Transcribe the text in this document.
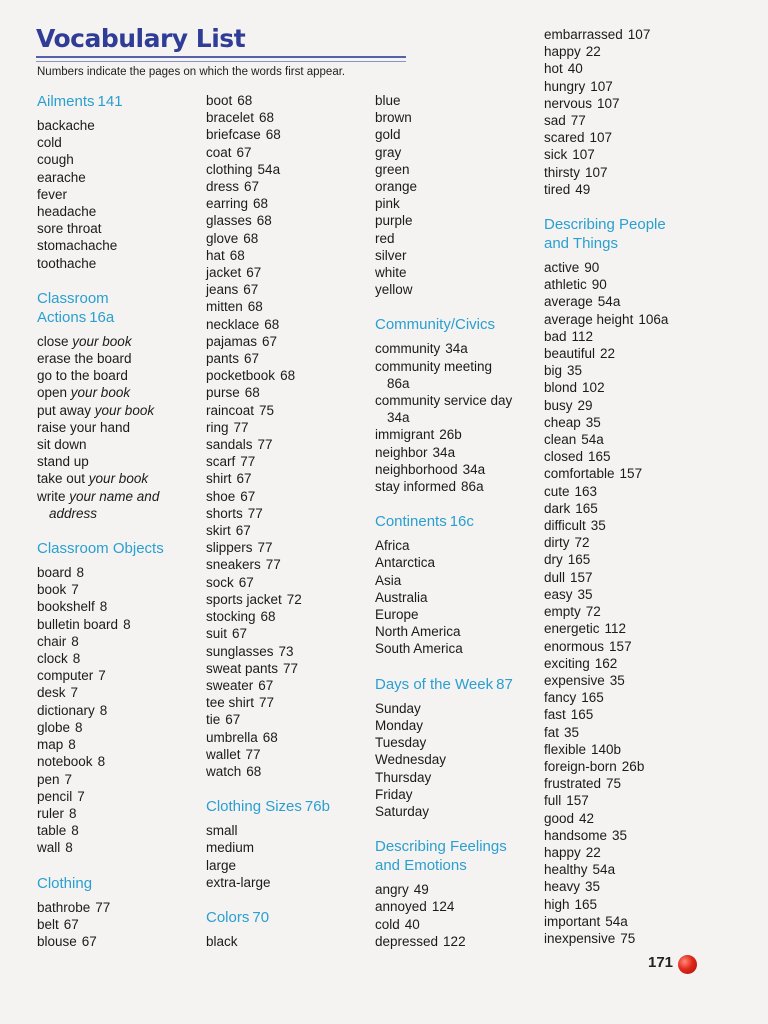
Vocabulary List
Numbers indicate the pages on which the words first appear.

Ailments 141

backache
cold
cough
earache
fever
headache
sore throat
stomachache
toothache

Classroom
Actions 16a

close your book
erase the board
go to the board
open your book
put away your book
raise your hand
sit down
stand up
take out your book
write your name and
address

Classroom Objects

board 8
book 7
bookshelf 8
bulletin board 8
chair 8
clock 8
computer 7
desk 7
dictionary 8
globe 8
map 8
notebook 8
pen 7
pencil 7
ruler 8
table 8
wall 8

Clothing

bathrobe 77
belt 67
blouse 67
boot 68
bracelet 68
briefcase 68
coat 67
clothing 54a
dress 67
earring 68
glasses 68
glove 68
hat 68
jacket 67
jeans 67
mitten 68
necklace 68
pajamas 67
pants 67
pocketbook 68
purse 68
raincoat 75
ring 77
sandals 77
scarf 77
shirt 67
shoe 67
shorts 77
skirt 67
slippers 77
sneakers 77
sock 67
sports jacket 72
stocking 68
suit 67
sunglasses 73
sweat pants 77
sweater 67
tee shirt 77
tie 67
umbrella 68
wallet 77
watch 68

Clothing Sizes 76b

small
medium
large
extra-large

Colors 70

black
blue
brown
gold
gray
green
orange
pink
purple
red
silver
white
yellow

Community/Civics

community 34a
community meeting
86a
community service day
34a
immigrant 26b
neighbor 34a
neighborhood 34a
stay informed 86a

Continents 16c

Africa
Antarctica
Asia
Australia
Europe
North America
South America

Days of the Week 87

Sunday
Monday
Tuesday
Wednesday
Thursday
Friday
Saturday

Describing Feelings
and Emotions

angry 49
annoyed 124
cold 40
depressed 122
embarrassed 107
happy 22
hot 40
hungry 107
nervous 107
sad 77
scared 107
sick 107
thirsty 107
tired 49

Describing People
and Things

active 90
athletic 90
average 54a
average height 106a
bad 112
beautiful 22
big 35
blond 102
busy 29
cheap 35
clean 54a
closed 165
comfortable 157
cute 163
dark 165
difficult 35
dirty 72
dry 165
dull 157
easy 35
empty 72
energetic 112
enormous 157
exciting 162
expensive 35
fancy 165
fast 165
fat 35
flexible 140b
foreign-born 26b
frustrated 75
full 157
good 42
handsome 35
happy 22
healthy 54a
heavy 35
high 165
important 54a
inexpensive 75
171
